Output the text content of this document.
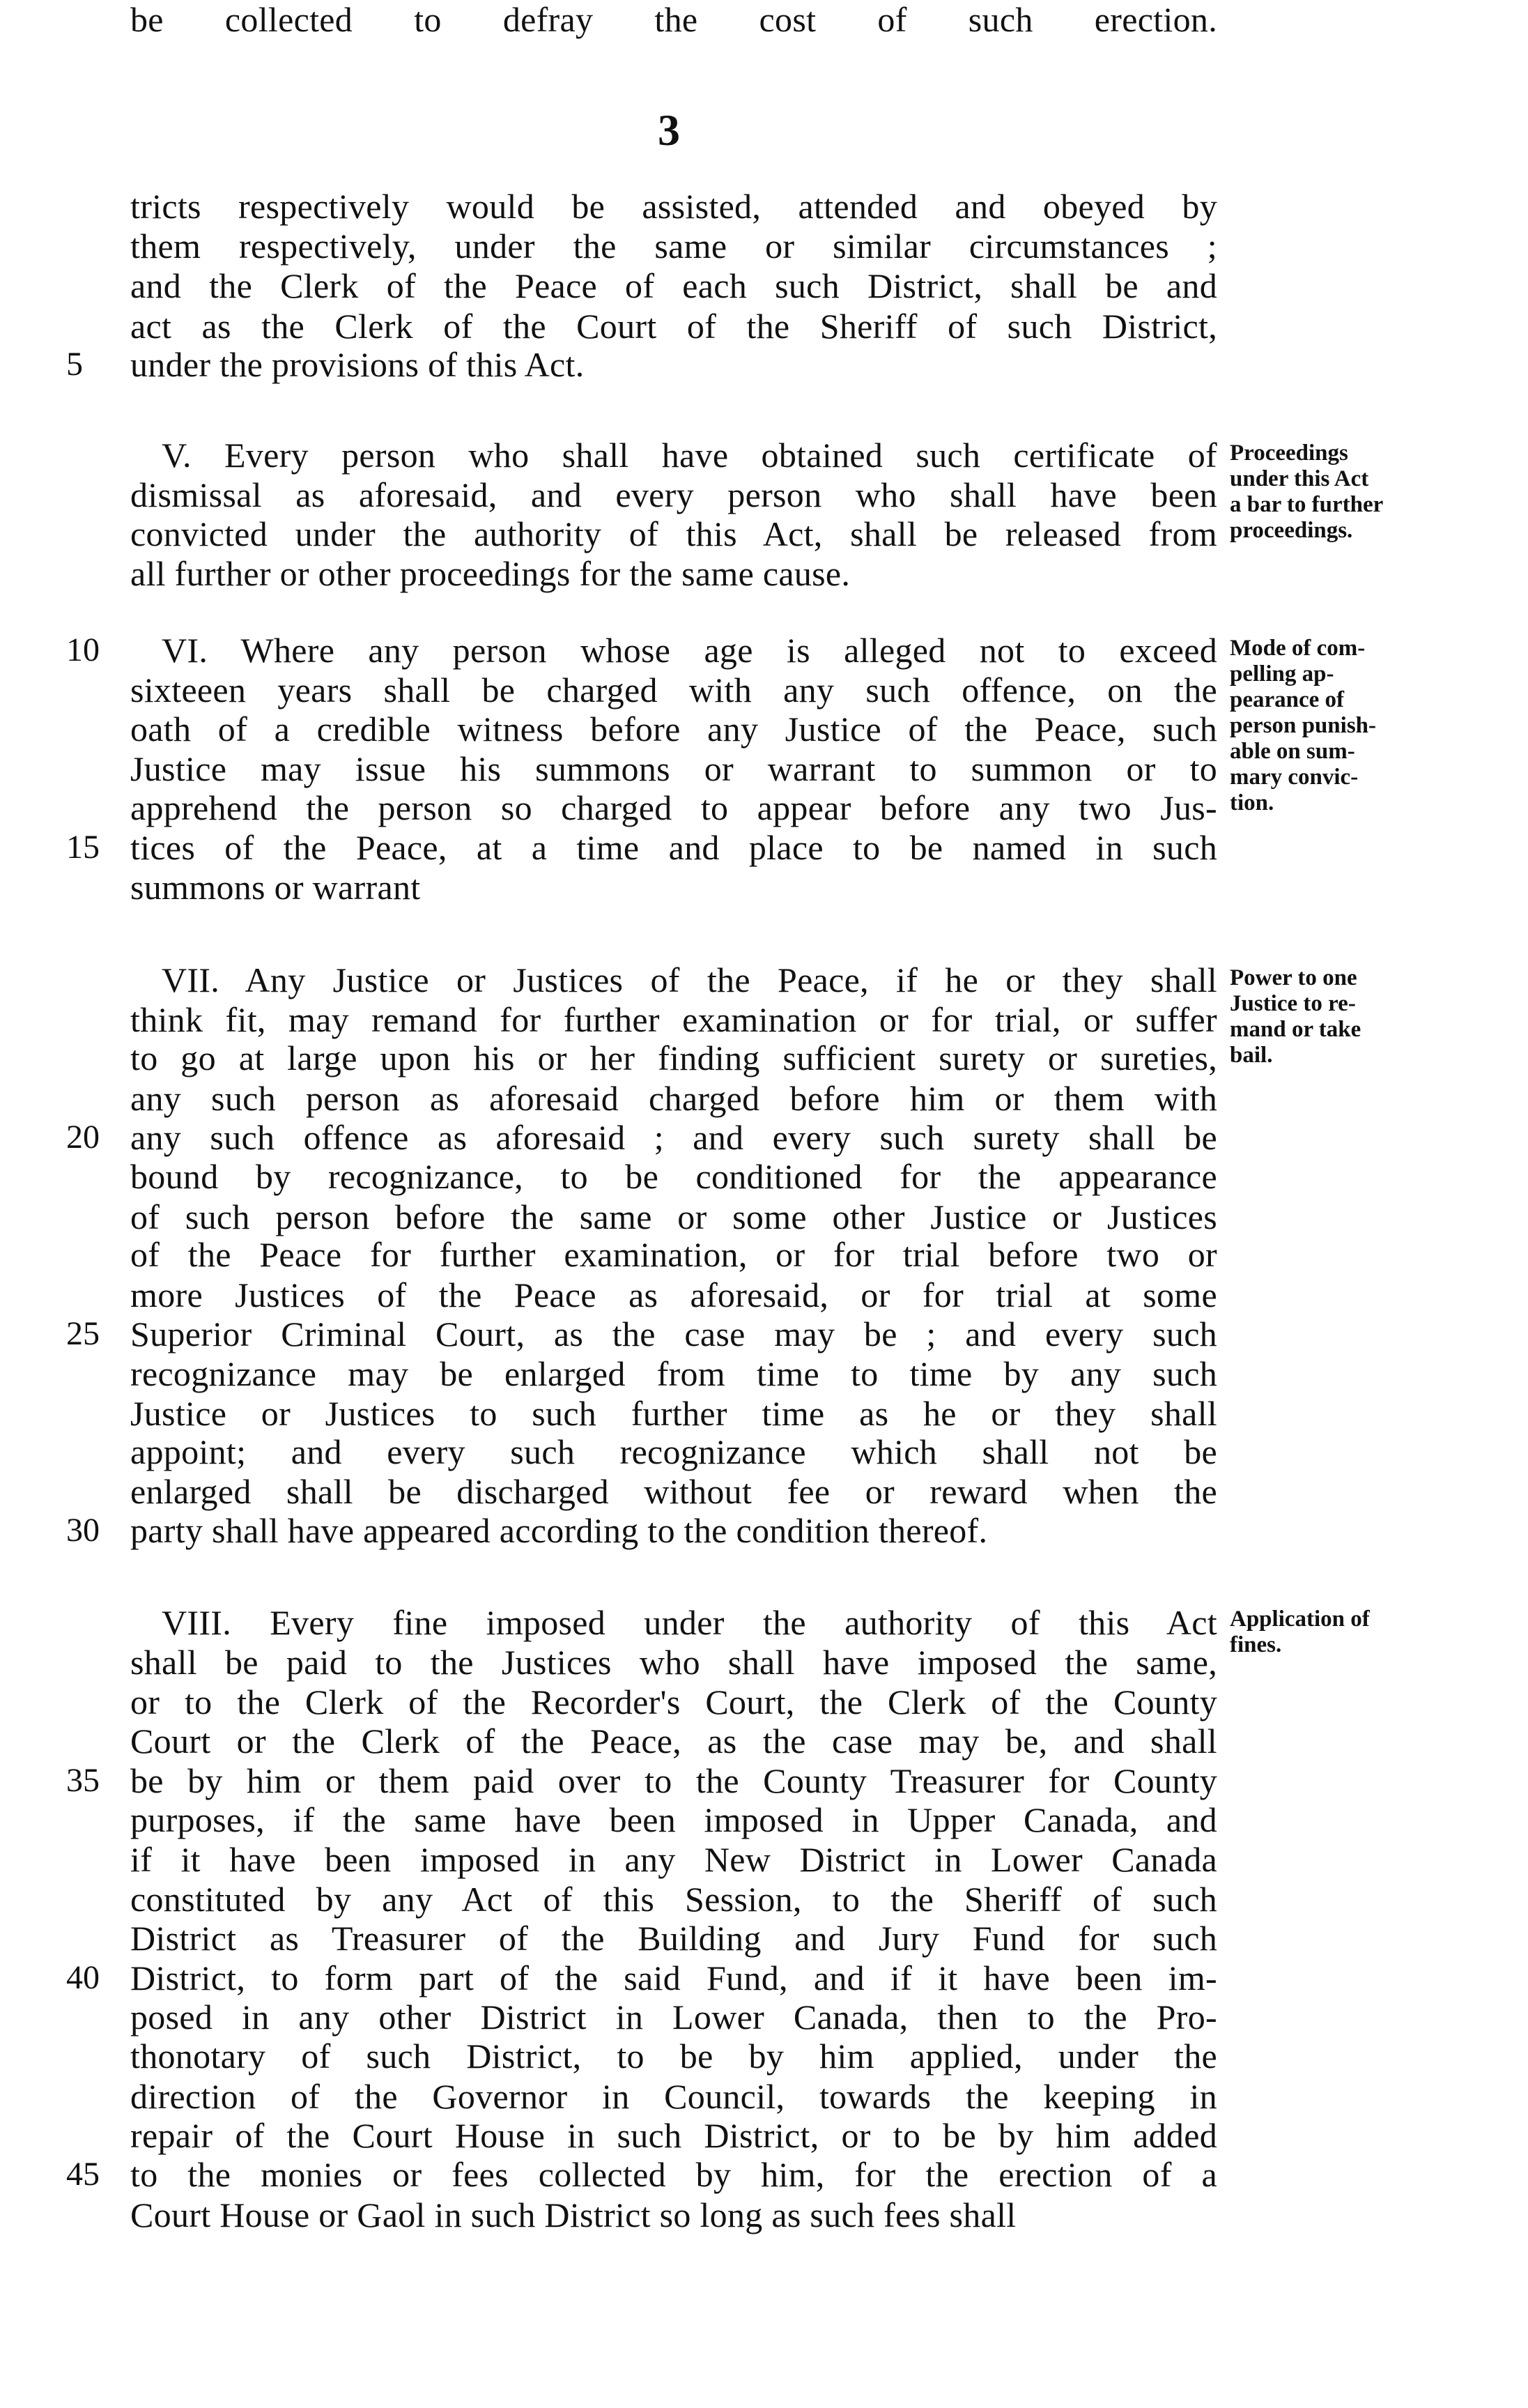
3
tricts respectively would be assisted, attended and obeyed by
them respectively, under the same or similar circumstances ;
and the Clerk of the Peace of each such District, shall be and
act as the Clerk of the Court of the Sheriff of such District,
under the provisions of this Act.
V. Every person who shall have obtained such certificate of
dismissal as aforesaid, and every person who shall have been
convicted under the authority of this Act, shall be released from
all further or other proceedings for the same cause.
VI. Where any person whose age is alleged not to exceed
sixteeen years shall be charged with any such offence, on the
oath of a credible witness before any Justice of the Peace, such
Justice may issue his summons or warrant to summon or to
apprehend the person so charged to appear before any two Jus-
tices of the Peace, at a time and place to be named in such
summons or warrant
VII. Any Justice or Justices of the Peace, if he or they shall
think fit, may remand for further examination or for trial, or suffer
to go at large upon his or her finding sufficient surety or sureties,
any such person as aforesaid charged before him or them with
any such offence as aforesaid ; and every such surety shall be
bound by recognizance, to be conditioned for the appearance
of such person before the same or some other Justice or Justices
of the Peace for further examination, or for trial before two or
more Justices of the Peace as aforesaid, or for trial at some
Superior Criminal Court, as the case may be ; and every such
recognizance may be enlarged from time to time by any such
Justice or Justices to such further time as he or they shall
appoint; and every such recognizance which shall not be
enlarged shall be discharged without fee or reward when the
party shall have appeared according to the condition thereof.
VIII. Every fine imposed under the authority of this Act
shall be paid to the Justices who shall have imposed the same,
or to the Clerk of the Recorder's Court, the Clerk of the County
Court or the Clerk of the Peace, as the case may be, and shall
be by him or them paid over to the County Treasurer for County
purposes, if the same have been imposed in Upper Canada, and
if it have been imposed in any New District in Lower Canada
constituted by any Act of this Session, to the Sheriff of such
District as Treasurer of the Building and Jury Fund for such
District, to form part of the said Fund, and if it have been im-
posed in any other District in Lower Canada, then to the Pro-
thonotary of such District, to be by him applied, under the
direction of the Governor in Council, towards the keeping in
repair of the Court House in such District, or to be by him added
to the monies or fees collected by him, for the erection of a
Court House or Gaol in such District so long as such fees shall
be collected to defray the cost of such erection.
5
10
15
20
25
30
35
40
45
Proceedings
under this Act
a bar to further
proceedings.
Mode of com-
pelling ap-
pearance of
person punish-
able on sum-
mary convic-
tion.
Power to one
Justice to re-
mand or take
bail.
Application of
fines.
